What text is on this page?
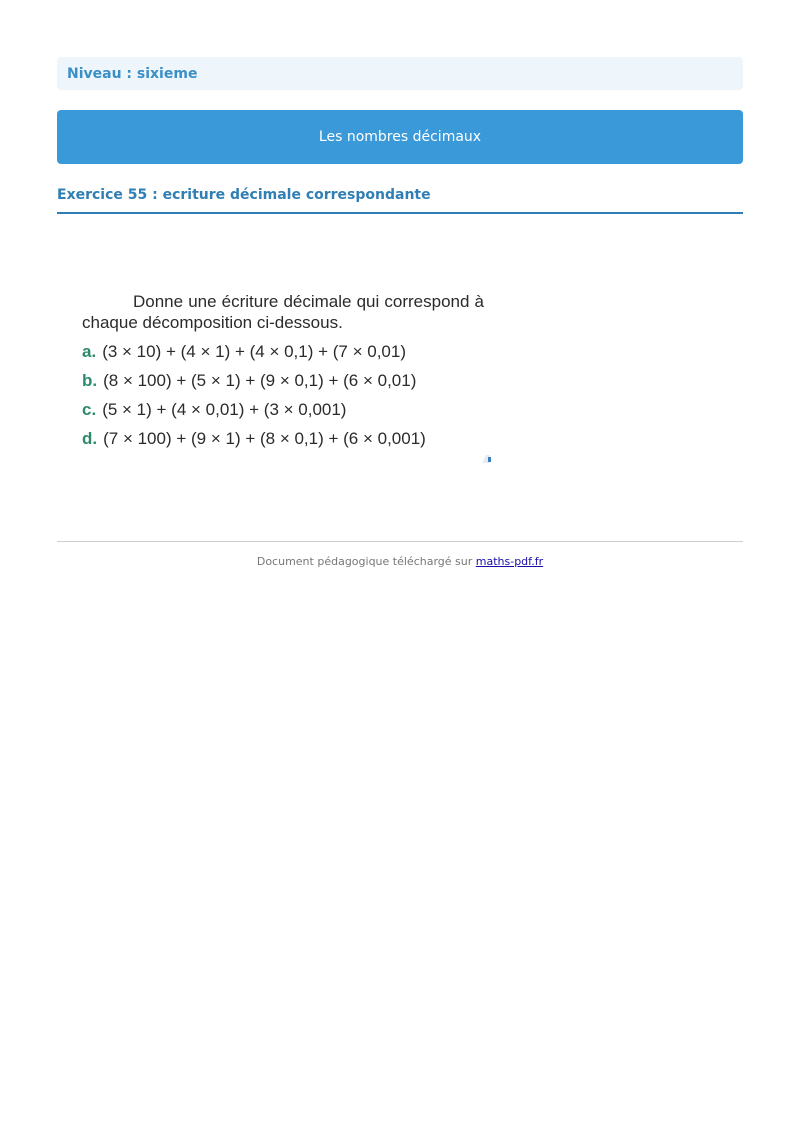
Niveau : sixieme
Les nombres décimaux
Exercice 55 : ecriture décimale correspondante

Donne une écriture décimale qui correspond à chaque décomposition ci-dessous.

a. (3 × 10) + (4 × 1) + (4 × 0,1) + (7 × 0,01)
b. (8 × 100) + (5 × 1) + (9 × 0,1) + (6 × 0,01)
c. (5 × 1) + (4 × 0,01) + (3 × 0,001)
d. (7 × 100) + (9 × 1) + (8 × 0,1) + (6 × 0,001)
Document pédagogique téléchargé sur maths-pdf.fr
